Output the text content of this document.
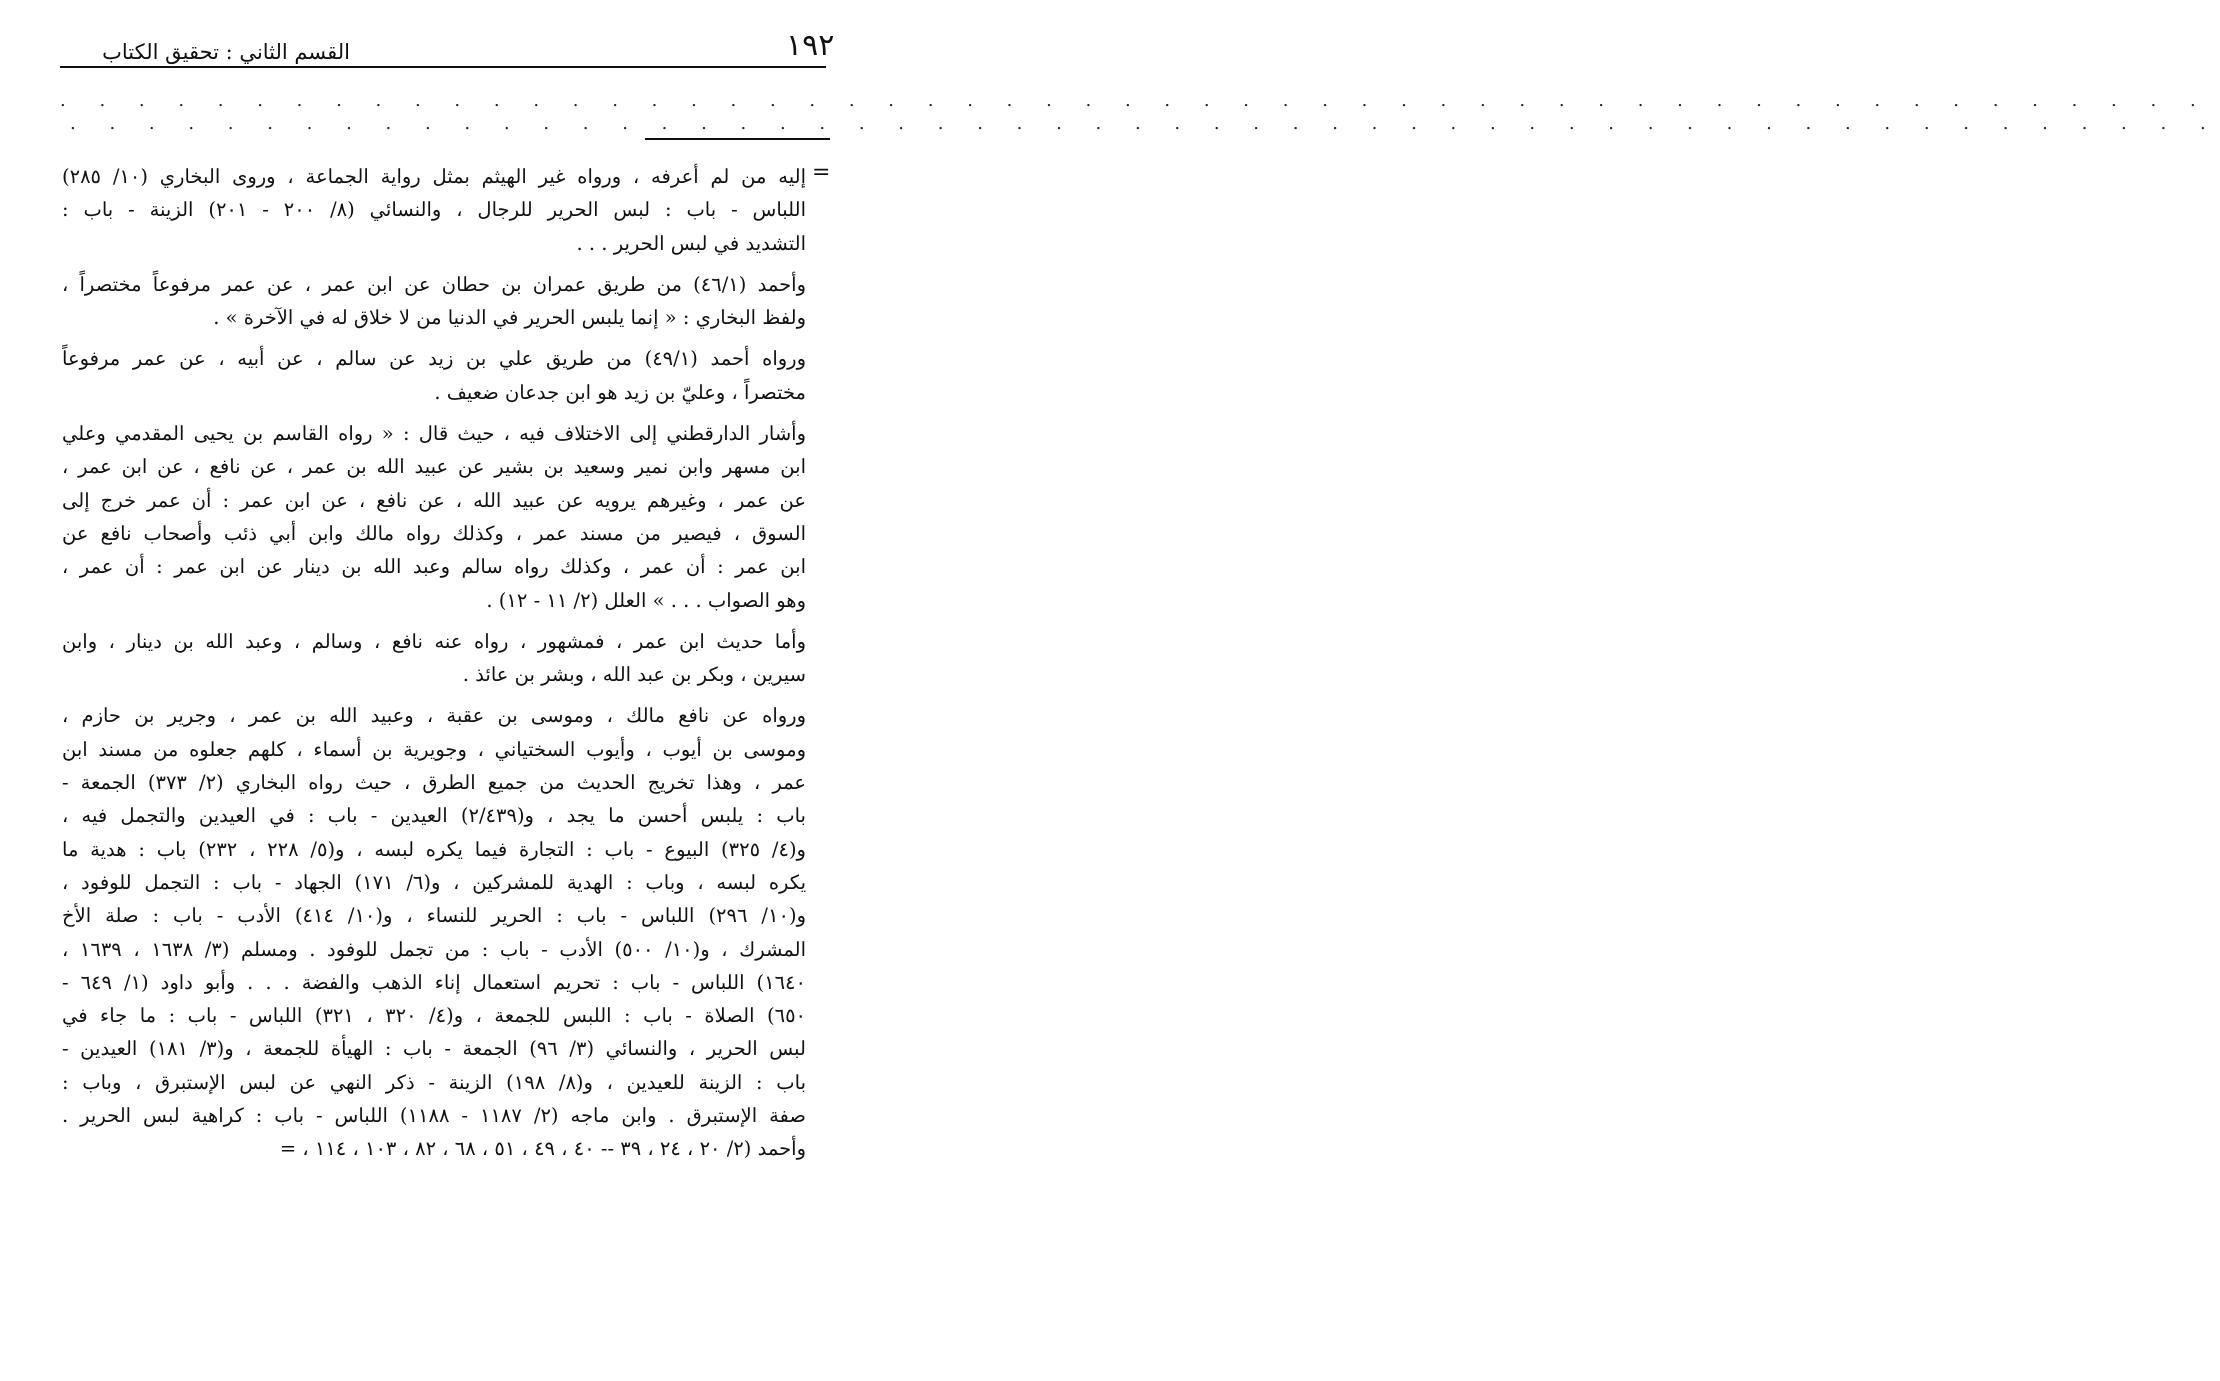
١٩٢
القسم الثاني : تحقيق الكتاب
. . . . . . . . . . . . . . . . . . . . . . . . . . . . . . . . . . . . . . . . . . . . . . . . . . . . . . .
. . . . . . . . . . . . . . . . . . . . . . . . . . . . . . . . . . . . . . . . . . . . . . . . . . . . . . .
=
إليه من لم أعرفه ، ورواه غير الهيثم بمثل رواية الجماعة ، وروى البخاري (١٠/ ٢٨٥)
اللباس - باب : لبس الحرير للرجال ، والنسائي (٨/ ٢٠٠ - ٢٠١) الزينة - باب :
التشديد في لبس الحرير . . .
وأحمد (٤٦/١) من طريق عمران بن حطان عن ابن عمر ، عن عمر مرفوعاً مختصراً ،
ولفظ البخاري : « إنما يلبس الحرير في الدنيا من لا خلاق له في الآخرة » .
ورواه أحمد (٤٩/١) من طريق علي بن زيد عن سالم ، عن أبيه ، عن عمر مرفوعاً
مختصراً ، وعليّ بن زيد هو ابن جدعان ضعيف .
وأشار الدارقطني إلى الاختلاف فيه ، حيث قال : « رواه القاسم بن يحيى المقدمي وعلي
ابن مسهر وابن نمير وسعيد بن بشير عن عبيد الله بن عمر ، عن نافع ، عن ابن عمر ،
عن عمر ، وغيرهم يرويه عن عبيد الله ، عن نافع ، عن ابن عمر : أن عمر خرج إلى
السوق ، فيصير من مسند عمر ، وكذلك رواه مالك وابن أبي ذئب وأصحاب نافع عن
ابن عمر : أن عمر ، وكذلك رواه سالم وعبد الله بن دينار عن ابن عمر : أن عمر ،
وهو الصواب . . . » العلل (٢/ ١١ - ١٢) .
وأما حديث ابن عمر ، فمشهور ، رواه عنه نافع ، وسالم ، وعبد الله بن دينار ، وابن
سيرين ، وبكر بن عبد الله ، وبشر بن عائذ .
ورواه عن نافع مالك ، وموسى بن عقبة ، وعبيد الله بن عمر ، وجرير بن حازم ،
وموسى بن أيوب ، وأيوب السختياني ، وجويرية بن أسماء ، كلهم جعلوه من مسند ابن
عمر ، وهذا تخريج الحديث من جميع الطرق ، حيث رواه البخاري (٢/ ٣٧٣) الجمعة -
باب : يلبس أحسن ما يجد ، و(٢/٤٣٩) العيدين - باب : في العيدين والتجمل فيه ،
و(٤/ ٣٢٥) البيوع - باب : التجارة فيما يكره لبسه ، و(٥/ ٢٢٨ ، ٢٣٢) باب : هدية ما
يكره لبسه ، وباب : الهدية للمشركين ، و(٦/ ١٧١) الجهاد - باب : التجمل للوفود ،
و(١٠/ ٢٩٦) اللباس - باب : الحرير للنساء ، و(١٠/ ٤١٤) الأدب - باب : صلة الأخ
المشرك ، و(١٠/ ٥٠٠) الأدب - باب : من تجمل للوفود . ومسلم (٣/ ١٦٣٨ ، ١٦٣٩ ،
١٦٤٠) اللباس - باب : تحريم استعمال إناء الذهب والفضة . . . وأبو داود (١/ ٦٤٩ -
٦٥٠) الصلاة - باب : اللبس للجمعة ، و(٤/ ٣٢٠ ، ٣٢١) اللباس - باب : ما جاء في
لبس الحرير ، والنسائي (٣/ ٩٦) الجمعة - باب : الهيأة للجمعة ، و(٣/ ١٨١) العيدين -
باب : الزينة للعيدين ، و(٨/ ١٩٨) الزينة - ذكر النهي عن لبس الإستبرق ، وباب :
صفة الإستبرق . وابن ماجه (٢/ ١١٨٧ - ١١٨٨) اللباس - باب : كراهية لبس الحرير .
وأحمد (٢/ ٢٠ ، ٢٤ ، ٣٩ -- ٤٠ ، ٤٩ ، ٥١ ، ٦٨ ، ٨٢ ، ١٠٣ ، ١١٤ ، =
